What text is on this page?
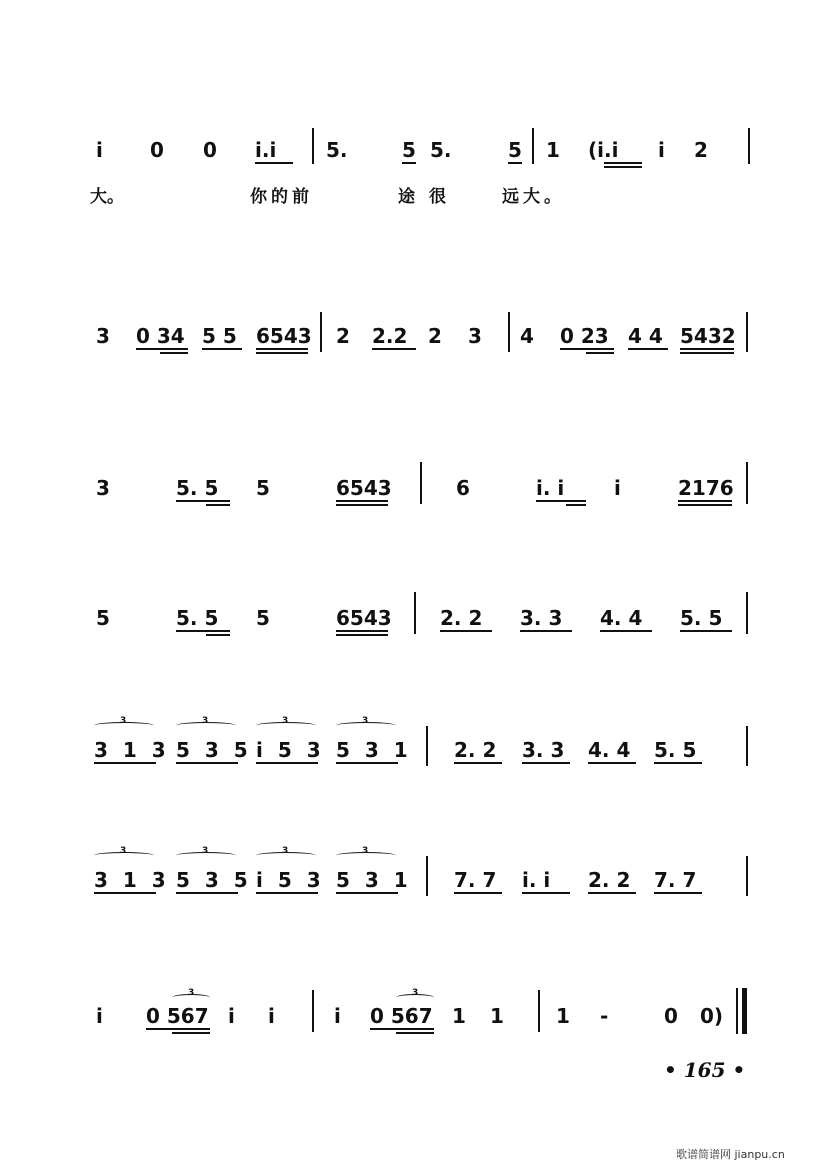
i 0 0 i.i 5.	5 5.	5 1 (i.i i 2
大。	你的前	途很 远大。
3 0 34 5 5 6543 2 2.2 2 3 4 0 23 4 4 5432
3	5. 5 5	6543	6	i. i i	2176
5	5. 5 5	6543 2. 2 3. 3 4. 4 5. 5
3
3 1 3
3
5 3 5
3
i 5 3
3
5 3 1 2. 2 3. 3 4. 4 5. 5
3
3 1 3
3
5 3 5
3
i 5 3
3
5 3 1 7. 7 i. i 2. 2 7. 7
i 0 567
3
i i	i 0 567
3
1 1	1 -	0 0)
• 165 •
歌谱简谱网 jianpu.cn
